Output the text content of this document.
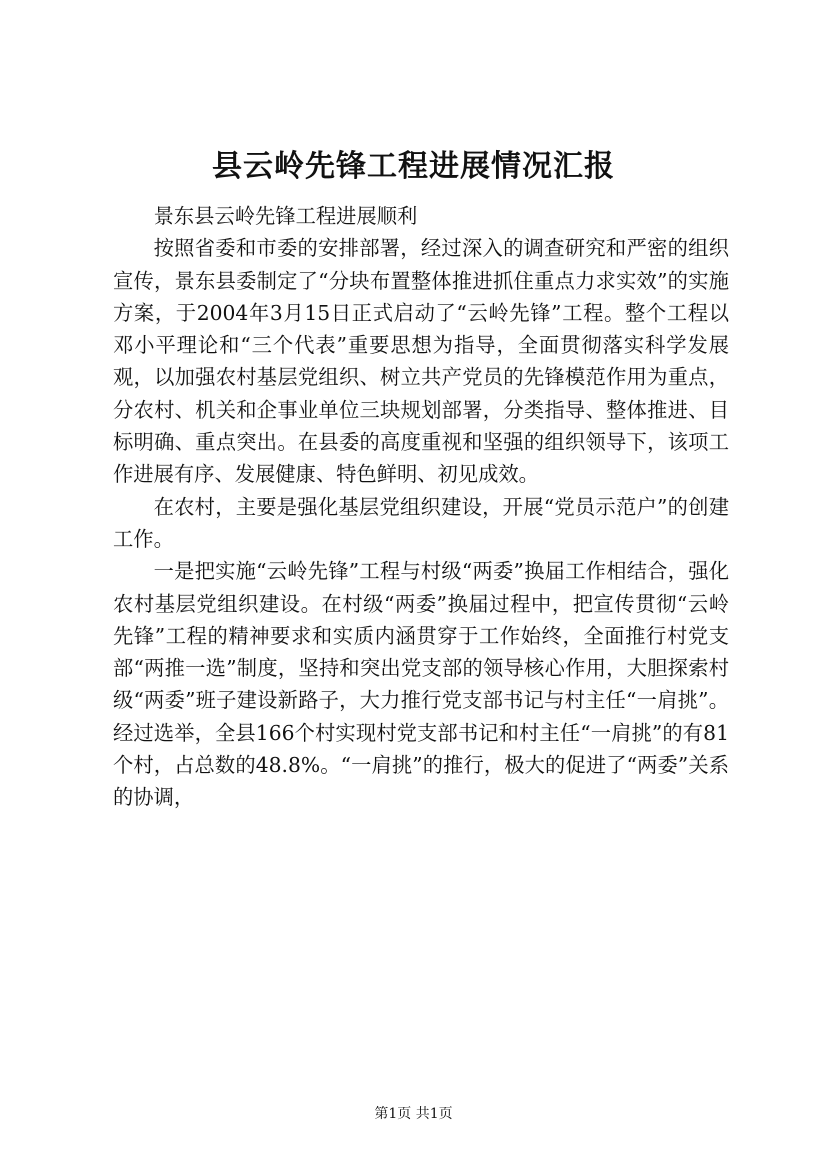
县云岭先锋工程进展情况汇报

景东县云岭先锋工程进展顺利

按照省委和市委的安排部署，经过深入的调查研究和严密的组织宣传，景东县委制定了“分块布置整体推进抓住重点力求实效”的实施方案，于2004年3月15日正式启动了“云岭先锋”工程。整个工程以邓小平理论和“三个代表”重要思想为指导，全面贯彻落实科学发展观，以加强农村基层党组织、树立共产党员的先锋模范作用为重点，分农村、机关和企事业单位三块规划部署，分类指导、整体推进、目标明确、重点突出。在县委的高度重视和坚强的组织领导下，该项工作进展有序、发展健康、特色鲜明、初见成效。

在农村，主要是强化基层党组织建设，开展“党员示范户”的创建工作。

一是把实施“云岭先锋”工程与村级“两委”换届工作相结合，强化农村基层党组织建设。在村级“两委”换届过程中，把宣传贯彻“云岭先锋”工程的精神要求和实质内涵贯穿于工作始终，全面推行村党支部“两推一选”制度，坚持和突出党支部的领导核心作用，大胆探索村级“两委”班子建设新路子，大力推行党支部书记与村主任“一肩挑”。经过选举，全县166个村实现村党支部书记和村主任“一肩挑”的有81个村，占总数的48.8%。“一肩挑”的推行，极大的促进了“两委”关系的协调，

第1页 共1页
